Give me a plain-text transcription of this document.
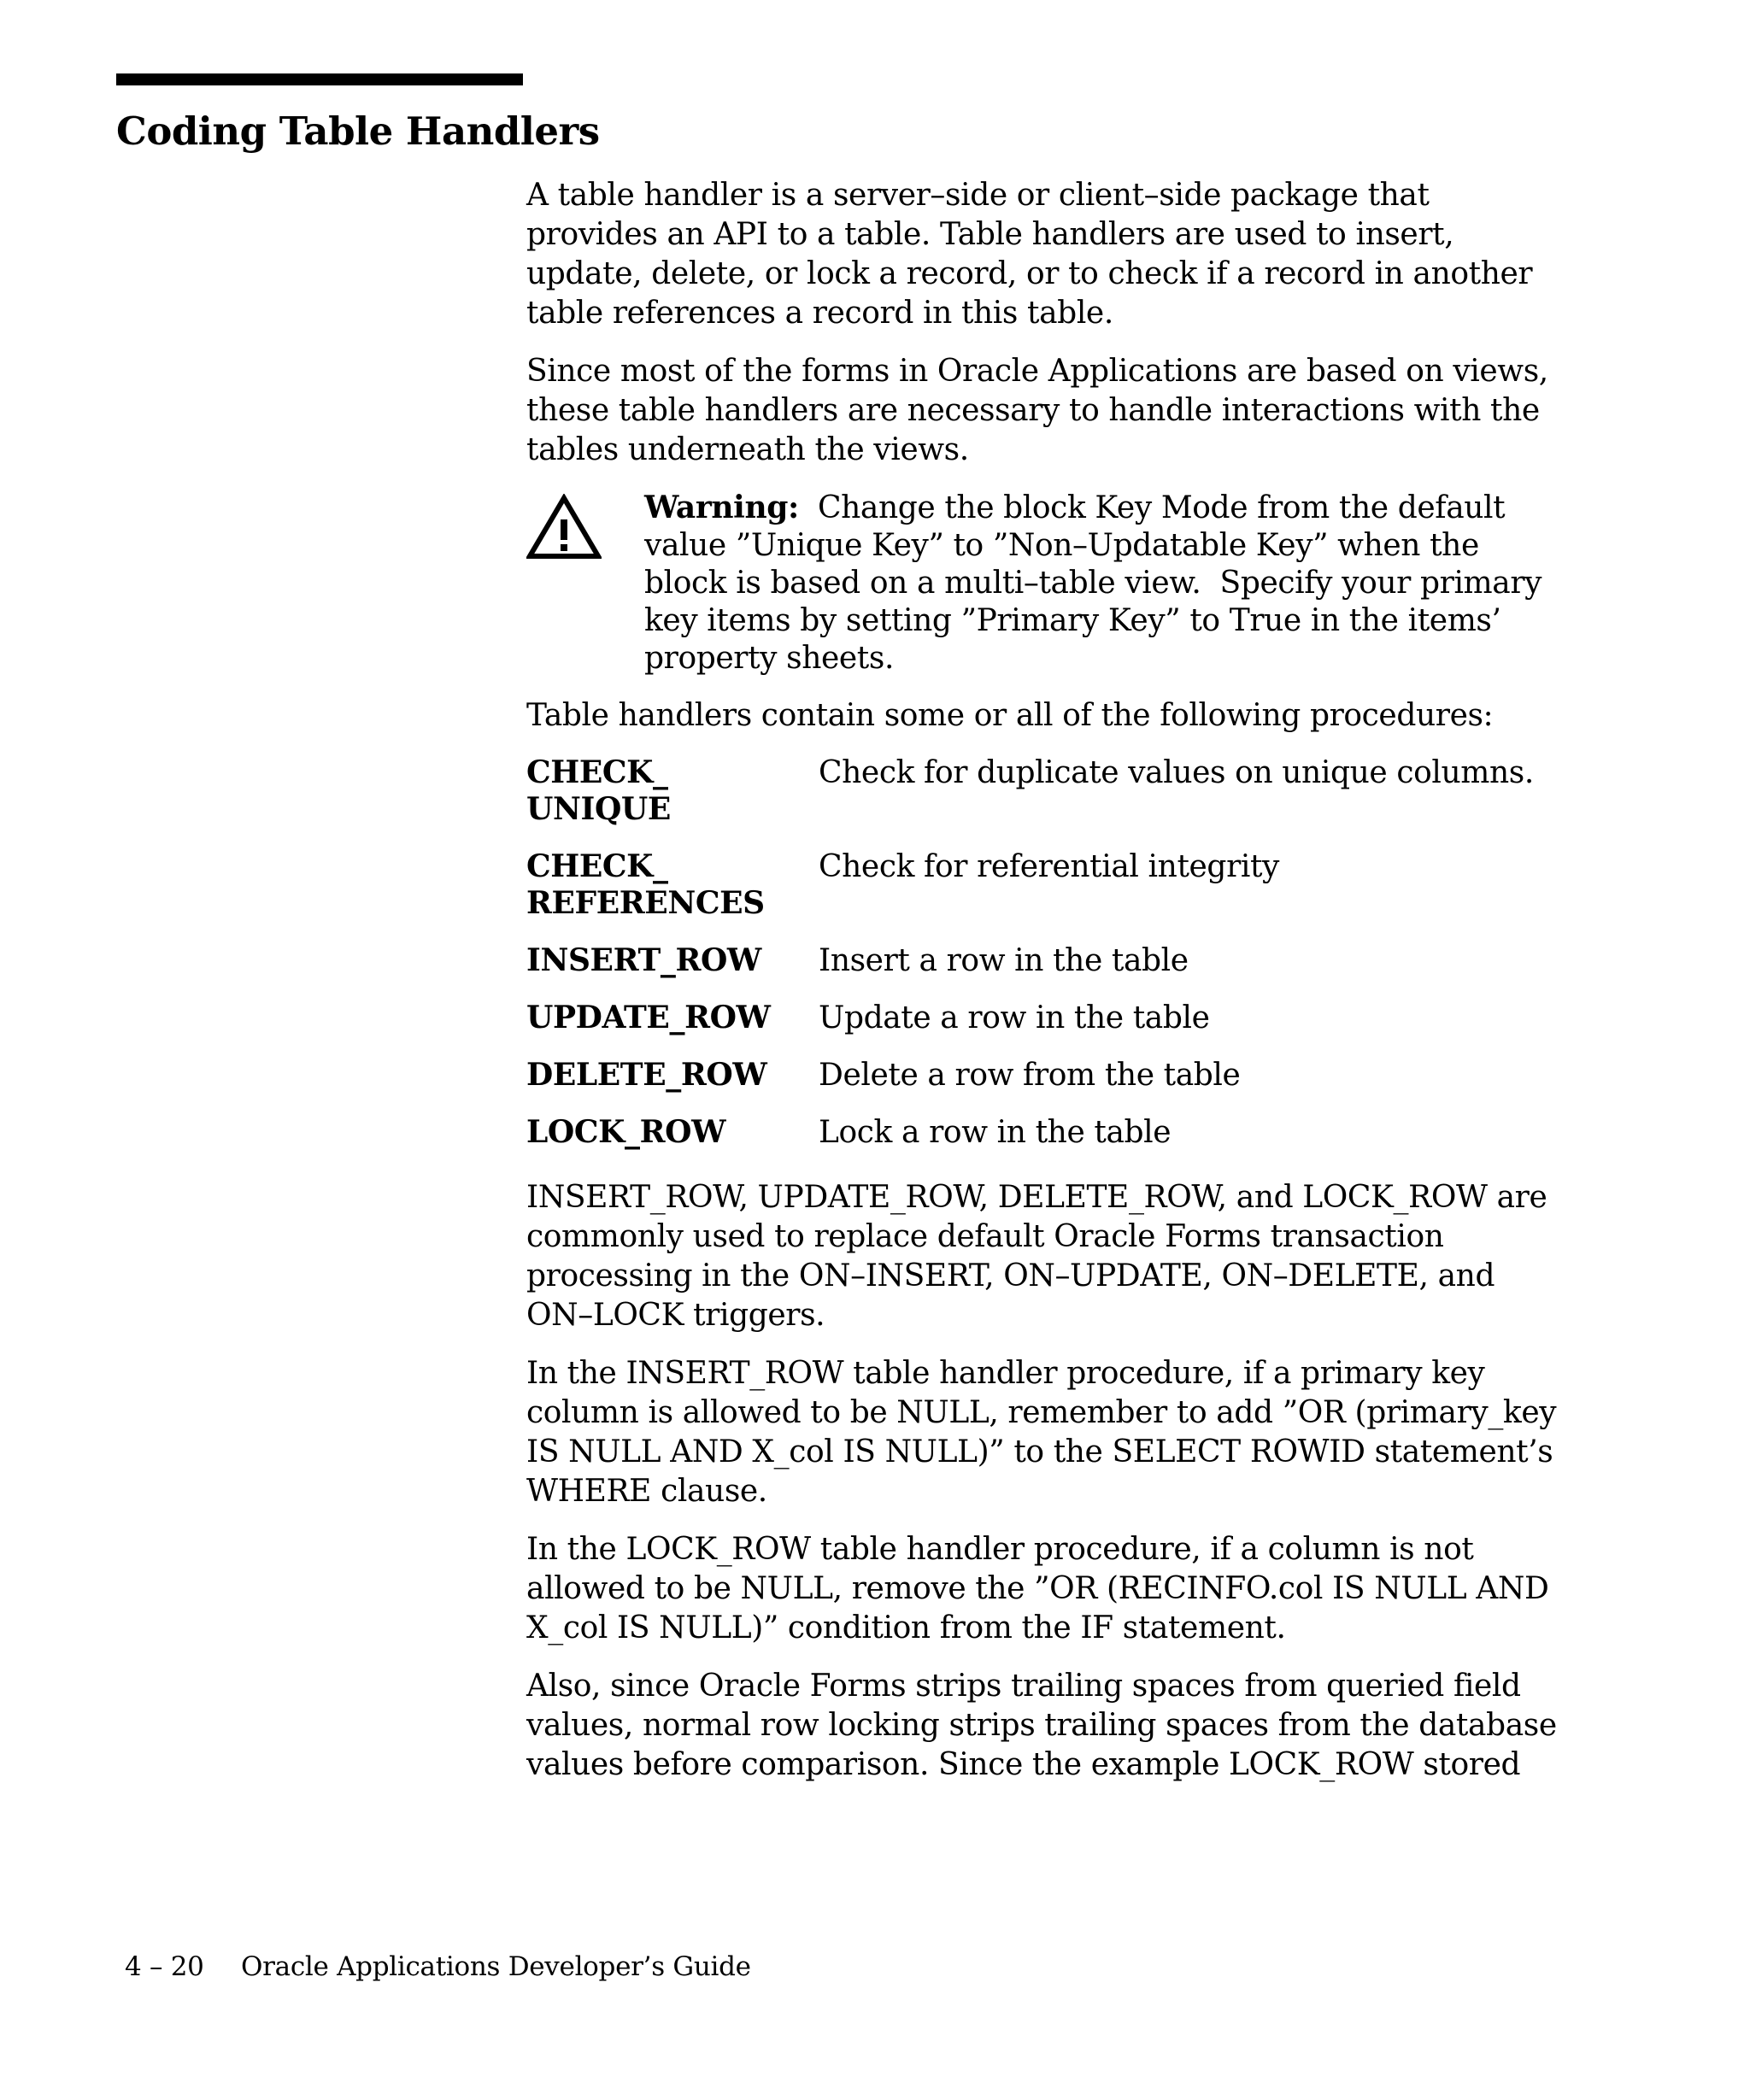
Coding Table Handlers

A table handler is a server–side or client–side package that provides an API to a table. Table handlers are used to insert, update, delete, or lock a record, or to check if a record in another table references a record in this table.

Since most of the forms in Oracle Applications are based on views, these table handlers are necessary to handle interactions with the tables underneath the views.

Warning:  Change the block Key Mode from the default value ”Unique Key” to ”Non–Updatable Key” when the block is based on a multi–table view.  Specify your primary key items by setting ”Primary Key” to True in the items’ property sheets.

Table handlers contain some or all of the following procedures:

CHECK_
UNIQUE	Check for duplicate values on unique columns.
CHECK_
REFERENCES	Check for referential integrity
INSERT_ROW	Insert a row in the table
UPDATE_ROW	Update a row in the table
DELETE_ROW	Delete a row from the table
LOCK_ROW	Lock a row in the table

INSERT_ROW, UPDATE_ROW, DELETE_ROW, and LOCK_ROW are commonly used to replace default Oracle Forms transaction processing in the ON–INSERT, ON–UPDATE, ON–DELETE, and ON–LOCK triggers.

In the INSERT_ROW table handler procedure, if a primary key column is allowed to be NULL, remember to add ”OR (primary_key IS NULL AND X_col IS NULL)” to the SELECT ROWID statement’s WHERE clause.

In the LOCK_ROW table handler procedure, if a column is not allowed to be NULL, remove the ”OR (RECINFO.col IS NULL AND X_col IS NULL)” condition from the IF statement.

Also, since Oracle Forms strips trailing spaces from queried field values, normal row locking strips trailing spaces from the database values before comparison. Since the example LOCK_ROW stored

4 – 20 Oracle Applications Developer’s Guide
